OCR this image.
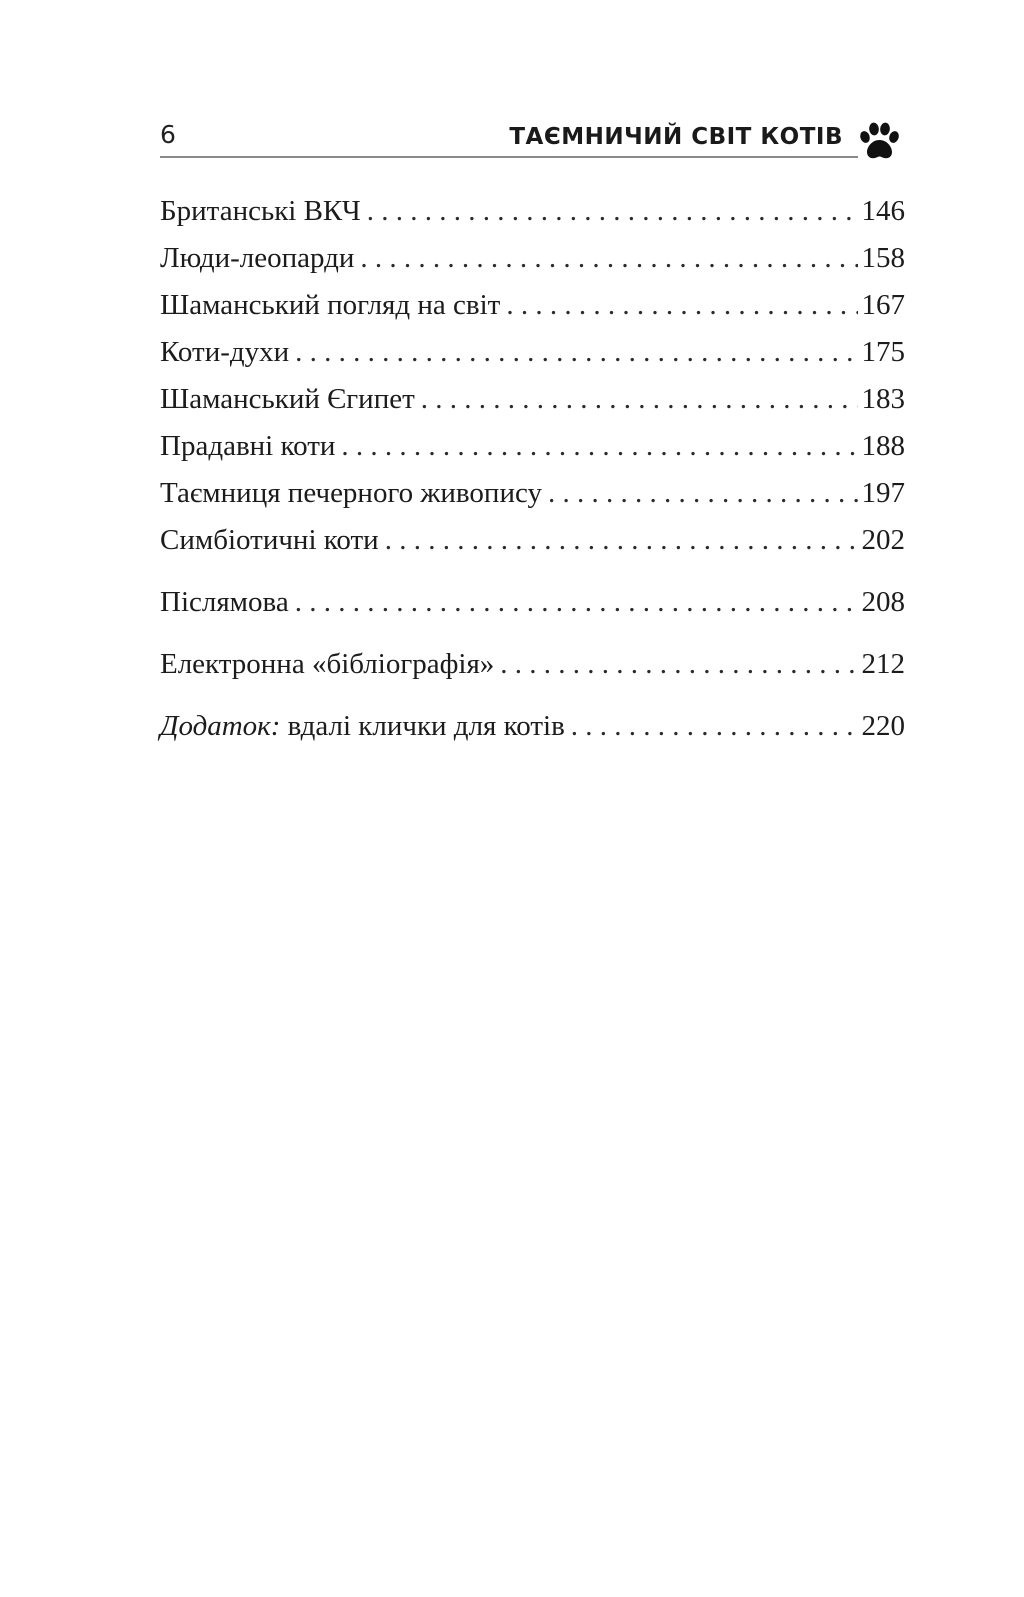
6	ТАЄМНИЧИЙ СВІТ КОТІВ
Британські ВКЧ . . .	146
Люди-леопарди . . .	158
Шаманський погляд на світ . . .	167
Коти-духи . . .	175
Шаманський Єгипет . . .	183
Прадавні коти . . .	188
Таємниця печерного живопису . . .	197
Симбіотичні коти . . .	202
Післямова . . .	208
Електронна «бібліографія» . . .	212
Додаток: вдалі клички для котів . . .	220
